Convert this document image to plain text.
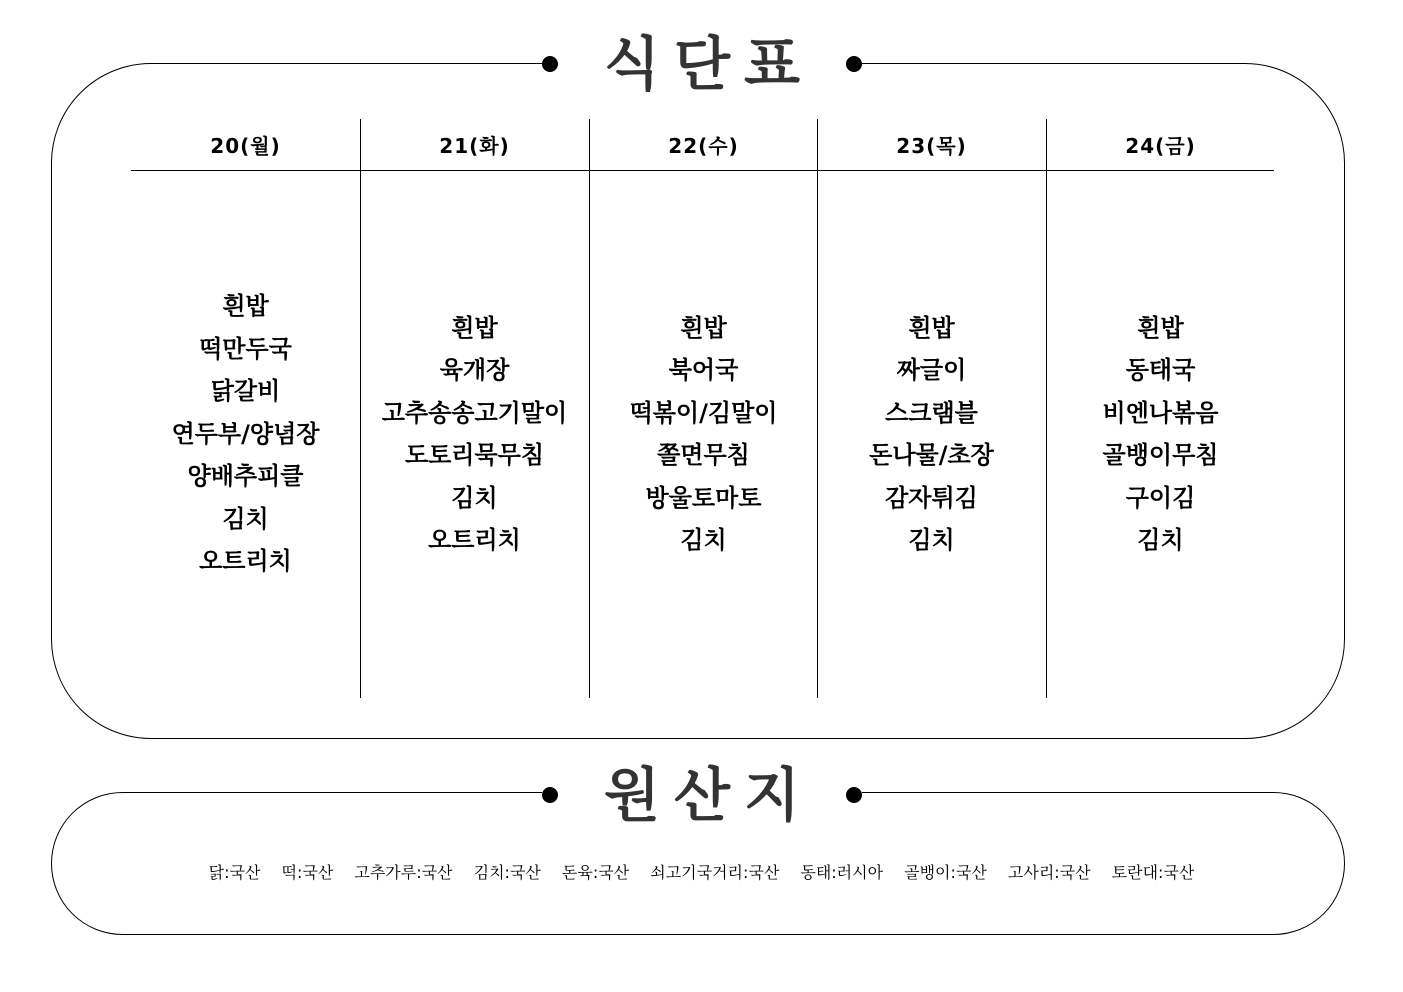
식단표
20(월)
흰밥
떡만두국
닭갈비
연두부/양념장
양배추피클
김치
오트리치
21(화)
흰밥
육개장
고추송송고기말이
도토리묵무침
김치
오트리치
22(수)
흰밥
북어국
떡볶이/김말이
쫄면무침
방울토마토
김치
23(목)
흰밥
짜글이
스크램블
돈나물/초장
감자튀김
김치
24(금)
흰밥
동태국
비엔나볶음
골뱅이무침
구이김
김치
원산지
닭:국산 떡:국산 고추가루:국산 김치:국산 돈육:국산 쇠고기국거리:국산 동태:러시아 골뱅이:국산 고사리:국산 토란대:국산
